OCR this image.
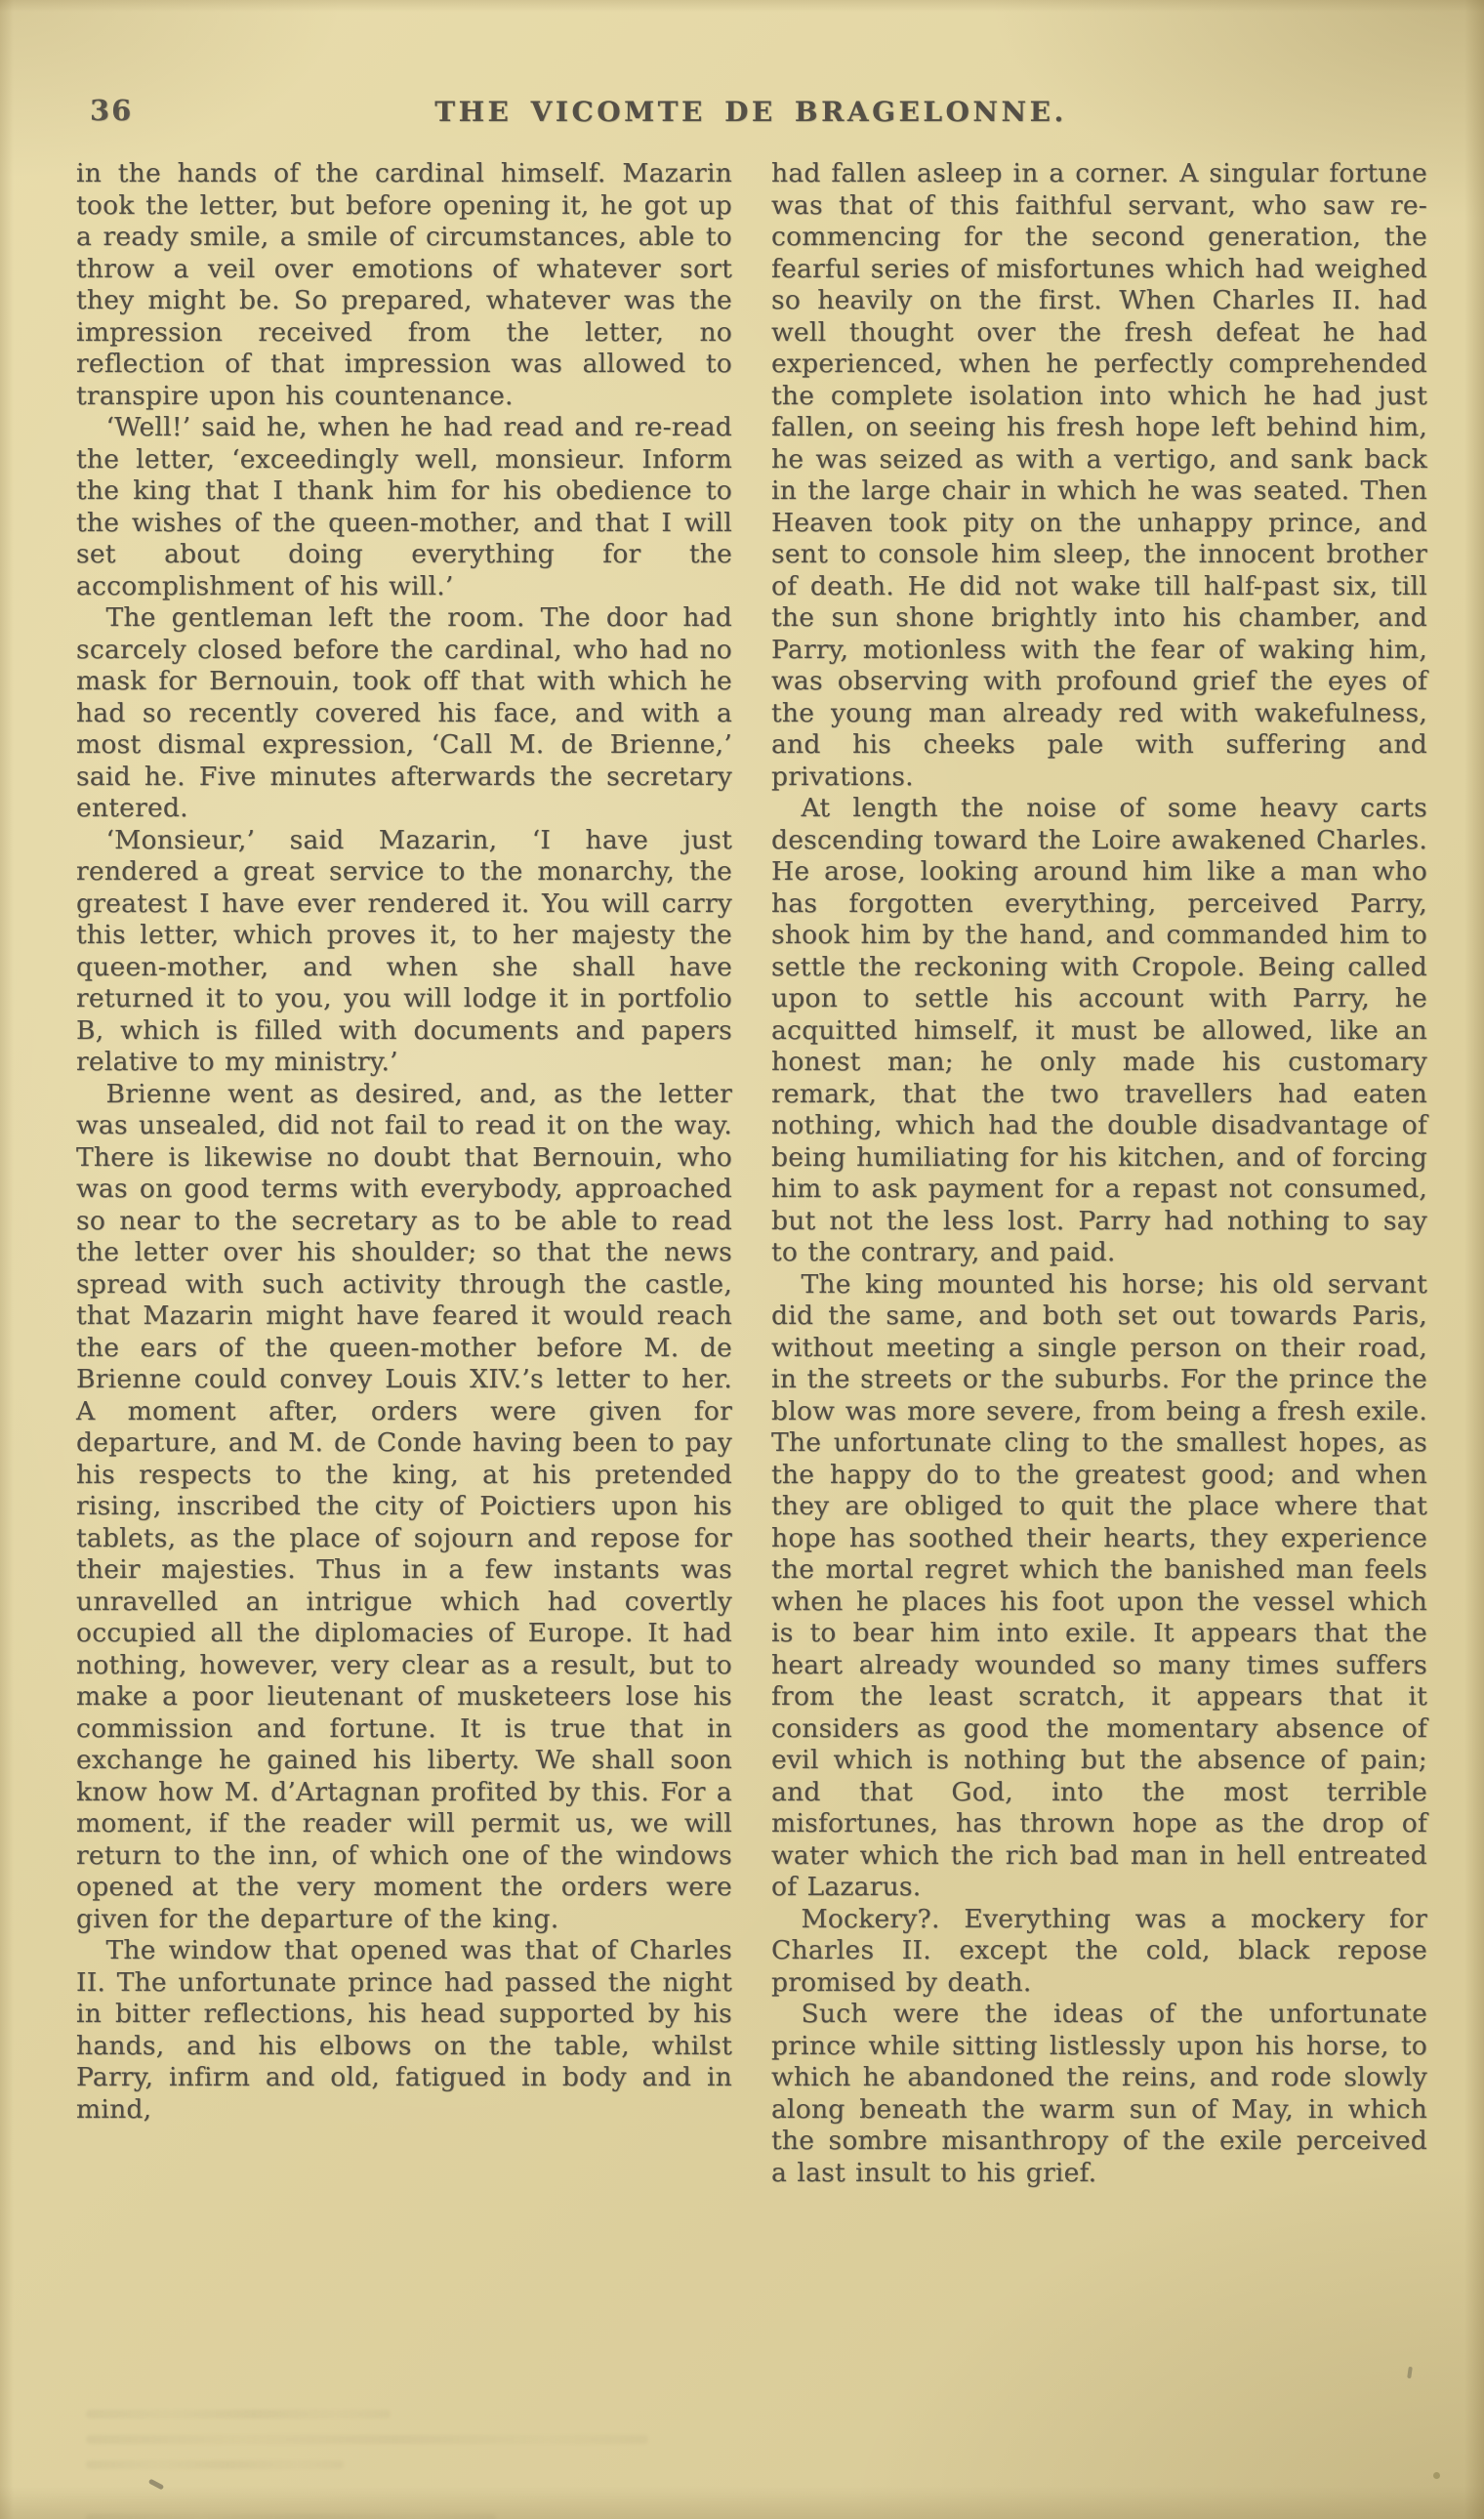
36	THE VICOMTE DE BRAGELONNE.

in the hands of the cardinal himself. Mazarin took the letter, but before opening it, he got up a ready smile, a smile of circumstances, able to throw a veil over emotions of whatever sort they might be. So prepared, whatever was the impression received from the letter, no reflection of that impression was allowed to transpire upon his countenance.

‘Well!’ said he, when he had read and re-read the letter, ‘exceedingly well, monsieur. Inform the king that I thank him for his obedience to the wishes of the queen-mother, and that I will set about doing everything for the accomplishment of his will.’

The gentleman left the room. The door had scarcely closed before the cardinal, who had no mask for Bernouin, took off that with which he had so recently covered his face, and with a most dismal expression, ‘Call M. de Brienne,’ said he. Five minutes afterwards the secretary entered.

‘Monsieur,’ said Mazarin, ‘I have just rendered a great service to the monarchy, the greatest I have ever rendered it. You will carry this letter, which proves it, to her majesty the queen-mother, and when she shall have returned it to you, you will lodge it in portfolio B, which is filled with documents and papers relative to my ministry.’

Brienne went as desired, and, as the letter was unsealed, did not fail to read it on the way. There is likewise no doubt that Bernouin, who was on good terms with everybody, approached so near to the secretary as to be able to read the letter over his shoulder; so that the news spread with such activity through the castle, that Mazarin might have feared it would reach the ears of the queen-mother before M. de Brienne could convey Louis XIV.’s letter to her. A moment after, orders were given for departure, and M. de Conde having been to pay his respects to the king, at his pretended rising, inscribed the city of Poictiers upon his tablets, as the place of sojourn and repose for their majesties. Thus in a few instants was unravelled an intrigue which had covertly occupied all the diplomacies of Europe. It had nothing, however, very clear as a result, but to make a poor lieutenant of musketeers lose his commission and fortune. It is true that in exchange he gained his liberty. We shall soon know how M. d’Artagnan profited by this. For a moment, if the reader will permit us, we will return to the inn, of which one of the windows opened at the very moment the orders were given for the departure of the king.

The window that opened was that of Charles II. The unfortunate prince had passed the night in bitter reflections, his head supported by his hands, and his elbows on the table, whilst Parry, infirm and old, fatigued in body and in mind,

had fallen asleep in a corner. A singular fortune was that of this faithful servant, who saw re-commencing for the second generation, the fearful series of misfortunes which had weighed so heavily on the first. When Charles II. had well thought over the fresh defeat he had experienced, when he perfectly comprehended the complete isolation into which he had just fallen, on seeing his fresh hope left behind him, he was seized as with a vertigo, and sank back in the large chair in which he was seated. Then Heaven took pity on the unhappy prince, and sent to console him sleep, the innocent brother of death. He did not wake till half-past six, till the sun shone brightly into his chamber, and Parry, motionless with the fear of waking him, was observing with profound grief the eyes of the young man already red with wakefulness, and his cheeks pale with suffering and privations.

At length the noise of some heavy carts descending toward the Loire awakened Charles. He arose, looking around him like a man who has forgotten everything, perceived Parry, shook him by the hand, and commanded him to settle the reckoning with Cropole. Being called upon to settle his account with Parry, he acquitted himself, it must be allowed, like an honest man; he only made his customary remark, that the two travellers had eaten nothing, which had the double disadvantage of being humiliating for his kitchen, and of forcing him to ask payment for a repast not consumed, but not the less lost. Parry had nothing to say to the contrary, and paid.

The king mounted his horse; his old servant did the same, and both set out towards Paris, without meeting a single person on their road, in the streets or the suburbs. For the prince the blow was more severe, from being a fresh exile. The unfortunate cling to the smallest hopes, as the happy do to the greatest good; and when they are obliged to quit the place where that hope has soothed their hearts, they experience the mortal regret which the banished man feels when he places his foot upon the vessel which is to bear him into exile. It appears that the heart already wounded so many times suffers from the least scratch, it appears that it considers as good the momentary absence of evil which is nothing but the absence of pain; and that God, into the most terrible misfortunes, has thrown hope as the drop of water which the rich bad man in hell entreated of Lazarus.

Mockery?. Everything was a mockery for Charles II. except the cold, black repose promised by death.

Such were the ideas of the unfortunate prince while sitting listlessly upon his horse, to which he abandoned the reins, and rode slowly along beneath the warm sun of May, in which the sombre misanthropy of the exile perceived a last insult to his grief.
